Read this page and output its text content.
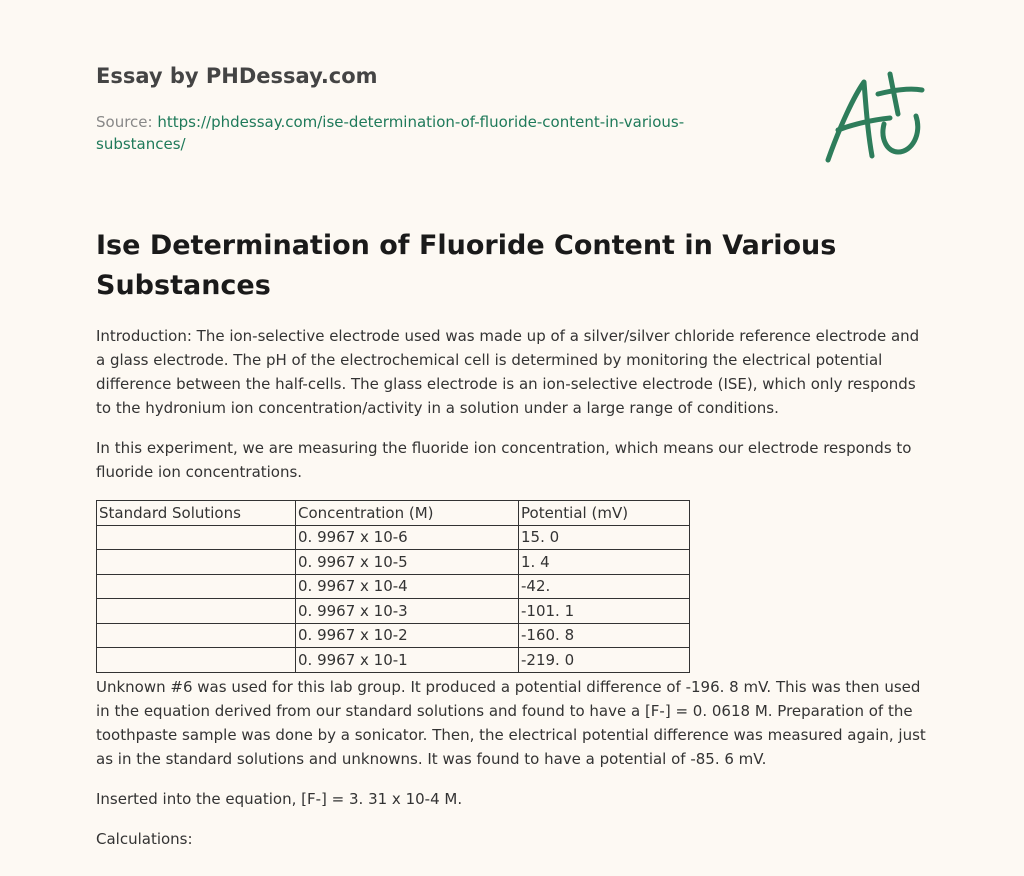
Essay by PHDessay.com
Source: https://phdessay.com/ise-determination-of-fluoride-content-in-various-substances/
Ise Determination of Fluoride Content in Various Substances

Introduction: The ion-selective electrode used was made up of a silver/silver chloride reference electrode and a glass electrode. The pH of the electrochemical cell is determined by monitoring the electrical potential difference between the half-cells. The glass electrode is an ion-selective electrode (ISE), which only responds to the hydronium ion concentration/activity in a solution under a large range of conditions.

In this experiment, we are measuring the fluoride ion concentration, which means our electrode responds to fluoride ion concentrations.

Standard Solutions	Concentration (M)	Potential (mV)
	0. 9967 x 10-6	15. 0
	0. 9967 x 10-5	1. 4
	0. 9967 x 10-4	-42.
	0. 9967 x 10-3	-101. 1
	0. 9967 x 10-2	-160. 8
	0. 9967 x 10-1	-219. 0

Unknown #6 was used for this lab group. It produced a potential difference of -196. 8 mV. This was then used in the equation derived from our standard solutions and found to have a [F-] = 0. 0618 M. Preparation of the toothpaste sample was done by a sonicator. Then, the electrical potential difference was measured again, just as in the standard solutions and unknowns. It was found to have a potential of -85. 6 mV.

Inserted into the equation, [F-] = 3. 31 x 10-4 M.

Calculations:
